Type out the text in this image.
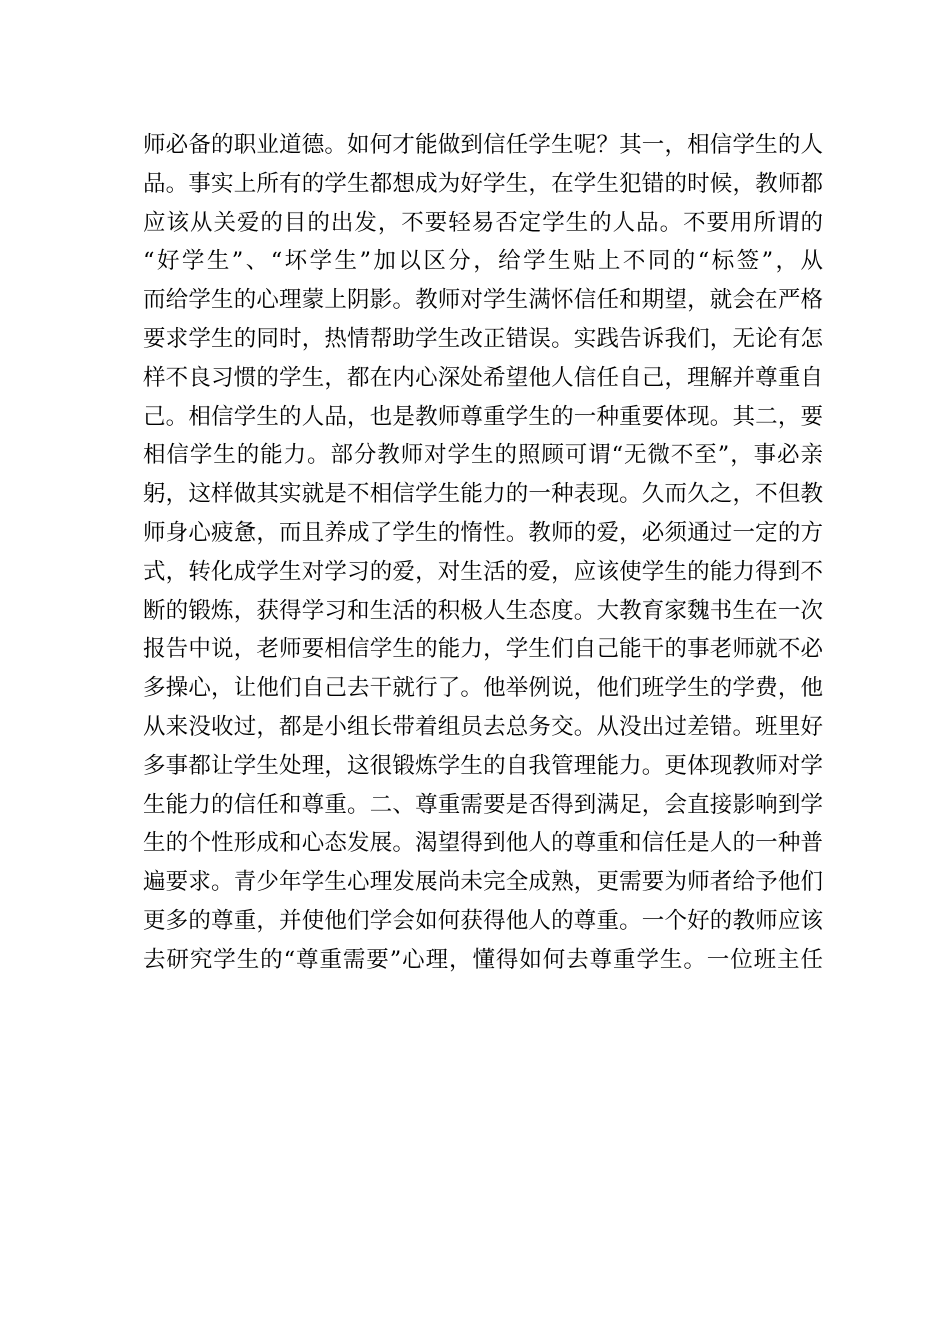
师必备的职业道德。如何才能做到信任学生呢？其一，相信学生的人
品。事实上所有的学生都想成为好学生，在学生犯错的时候，教师都
应该从关爱的目的出发，不要轻易否定学生的人品。不要用所谓的
“好学生”、“坏学生”加以区分，给学生贴上不同的“标签”，从
而给学生的心理蒙上阴影。教师对学生满怀信任和期望，就会在严格
要求学生的同时，热情帮助学生改正错误。实践告诉我们，无论有怎
样不良习惯的学生，都在内心深处希望他人信任自己，理解并尊重自
己。相信学生的人品，也是教师尊重学生的一种重要体现。其二，要
相信学生的能力。部分教师对学生的照顾可谓“无微不至”，事必亲
躬，这样做其实就是不相信学生能力的一种表现。久而久之，不但教
师身心疲惫，而且养成了学生的惰性。教师的爱，必须通过一定的方
式，转化成学生对学习的爱，对生活的爱，应该使学生的能力得到不
断的锻炼，获得学习和生活的积极人生态度。大教育家魏书生在一次
报告中说，老师要相信学生的能力，学生们自己能干的事老师就不必
多操心，让他们自己去干就行了。他举例说，他们班学生的学费，他
从来没收过，都是小组长带着组员去总务交。从没出过差错。班里好
多事都让学生处理，这很锻炼学生的自我管理能力。更体现教师对学
生能力的信任和尊重。二、尊重需要是否得到满足，会直接影响到学
生的个性形成和心态发展。渴望得到他人的尊重和信任是人的一种普
遍要求。青少年学生心理发展尚未完全成熟，更需要为师者给予他们
更多的尊重，并使他们学会如何获得他人的尊重。一个好的教师应该
去研究学生的“尊重需要”心理，懂得如何去尊重学生。一位班主任
